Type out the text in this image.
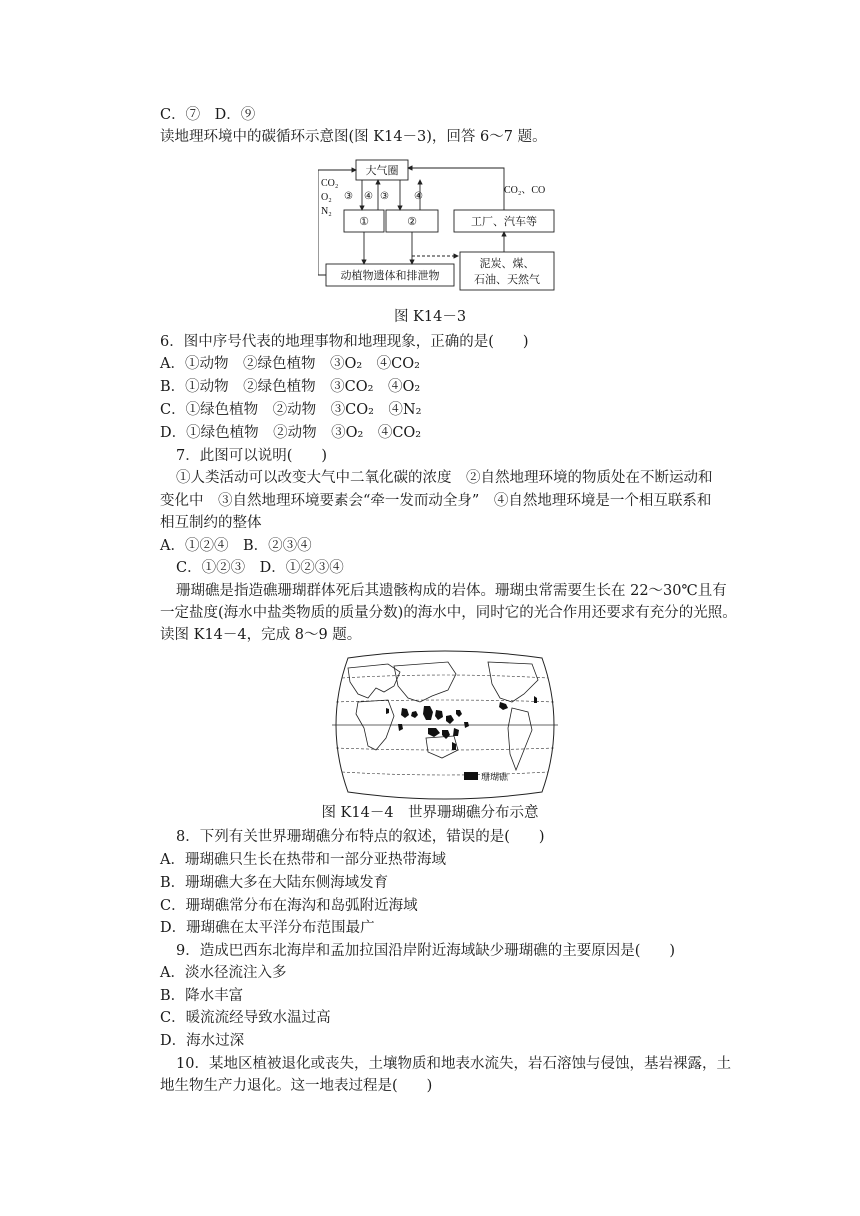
C．⑦　D．⑨
读地理环境中的碳循环示意图(图 K14－3)，回答 6～7 题。
大气圈
①	②	工厂、汽车等
动植物遗体和排泄物
泥炭、煤、
石油、天然气
CO₂
O₂
N₂
③ ④ ③	④
CO₂、CO
图 K14－3
6．图中序号代表的地理事物和地理现象，正确的是(　　)
A．①动物　②绿色植物　③O₂　④CO₂
B．①动物　②绿色植物　③CO₂　④O₂
C．①绿色植物　②动物　③CO₂　④N₂
D．①绿色植物　②动物　③O₂　④CO₂
7．此图可以说明(　　)
①人类活动可以改变大气中二氧化碳的浓度　②自然地理环境的物质处在不断运动和
变化中　③自然地理环境要素会“牵一发而动全身”　④自然地理环境是一个相互联系和
相互制约的整体
A．①②④　B．②③④
C．①②③　D．①②③④
珊瑚礁是指造礁珊瑚群体死后其遗骸构成的岩体。珊瑚虫常需要生长在 22～30℃且有
一定盐度(海水中盐类物质的质量分数)的海水中，同时它的光合作用还要求有充分的光照。
读图 K14－4，完成 8～9 题。
珊瑚礁
图 K14－4　世界珊瑚礁分布示意
8．下列有关世界珊瑚礁分布特点的叙述，错误的是(　　)
A．珊瑚礁只生长在热带和一部分亚热带海域
B．珊瑚礁大多在大陆东侧海域发育
C．珊瑚礁常分布在海沟和岛弧附近海域
D．珊瑚礁在太平洋分布范围最广
9．造成巴西东北海岸和孟加拉国沿岸附近海域缺少珊瑚礁的主要原因是(　　)
A．淡水径流注入多
B．降水丰富
C．暖流流经导致水温过高
D．海水过深
10．某地区植被退化或丧失，土壤物质和地表水流失，岩石溶蚀与侵蚀，基岩裸露，土
地生物生产力退化。这一地表过程是(　　)
